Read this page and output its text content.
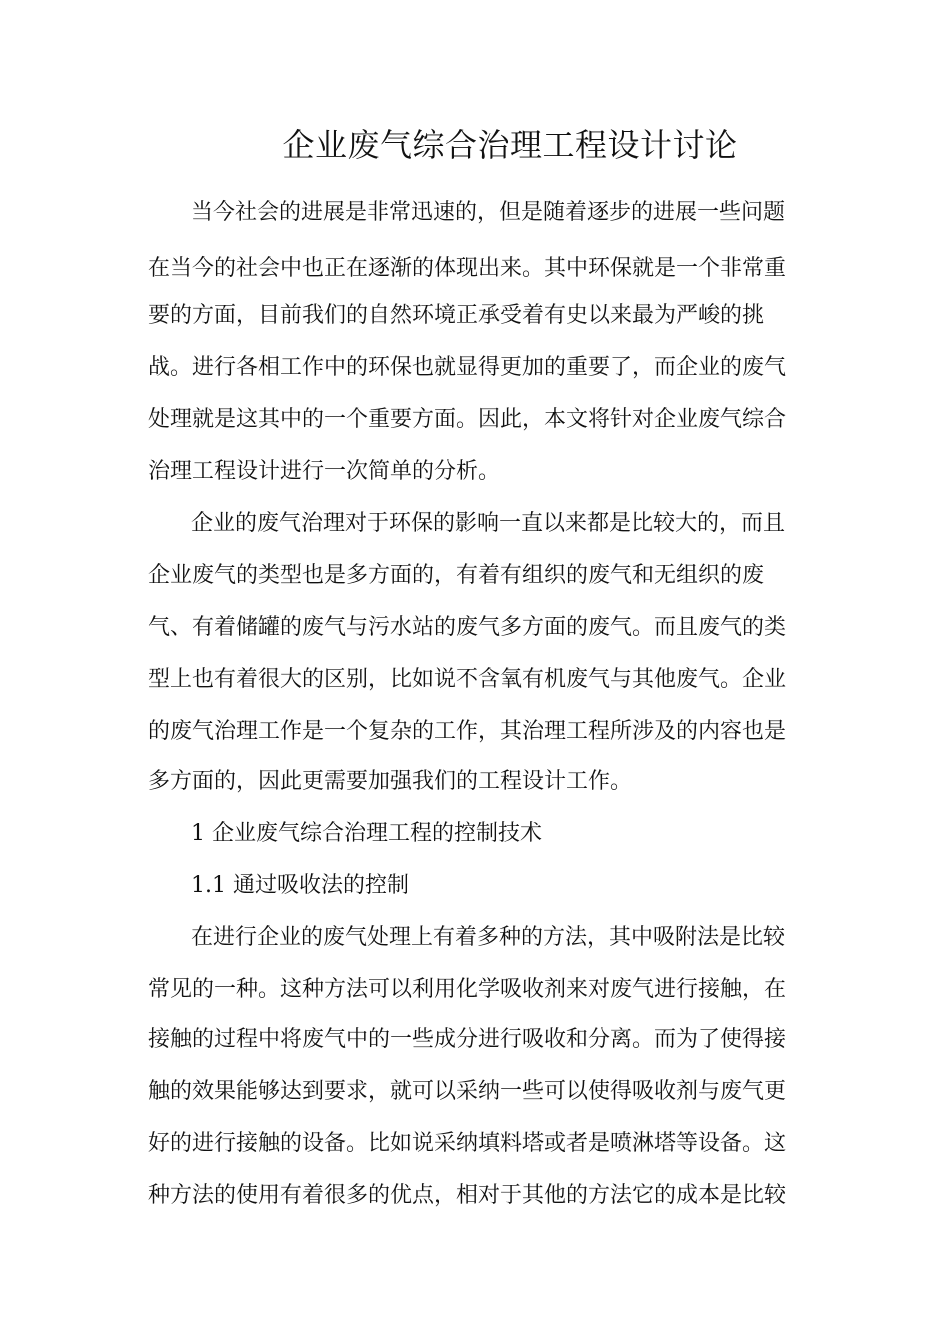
企业废气综合治理工程设计讨论
当今社会的进展是非常迅速的，但是随着逐步的进展一些问题
在当今的社会中也正在逐渐的体现出来。其中环保就是一个非常重
要的方面，目前我们的自然环境正承受着有史以来最为严峻的挑
战。进行各相工作中的环保也就显得更加的重要了，而企业的废气
处理就是这其中的一个重要方面。因此，本文将针对企业废气综合
治理工程设计进行一次简单的分析。
企业的废气治理对于环保的影响一直以来都是比较大的，而且
企业废气的类型也是多方面的，有着有组织的废气和无组织的废
气、有着储罐的废气与污水站的废气多方面的废气。而且废气的类
型上也有着很大的区别，比如说不含氧有机废气与其他废气。企业
的废气治理工作是一个复杂的工作，其治理工程所涉及的内容也是
多方面的，因此更需要加强我们的工程设计工作。
1 企业废气综合治理工程的控制技术
1.1 通过吸收法的控制
在进行企业的废气处理上有着多种的方法，其中吸附法是比较
常见的一种。这种方法可以利用化学吸收剂来对废气进行接触，在
接触的过程中将废气中的一些成分进行吸收和分离。而为了使得接
触的效果能够达到要求，就可以采纳一些可以使得吸收剂与废气更
好的进行接触的设备。比如说采纳填料塔或者是喷淋塔等设备。这
种方法的使用有着很多的优点，相对于其他的方法它的成本是比较
